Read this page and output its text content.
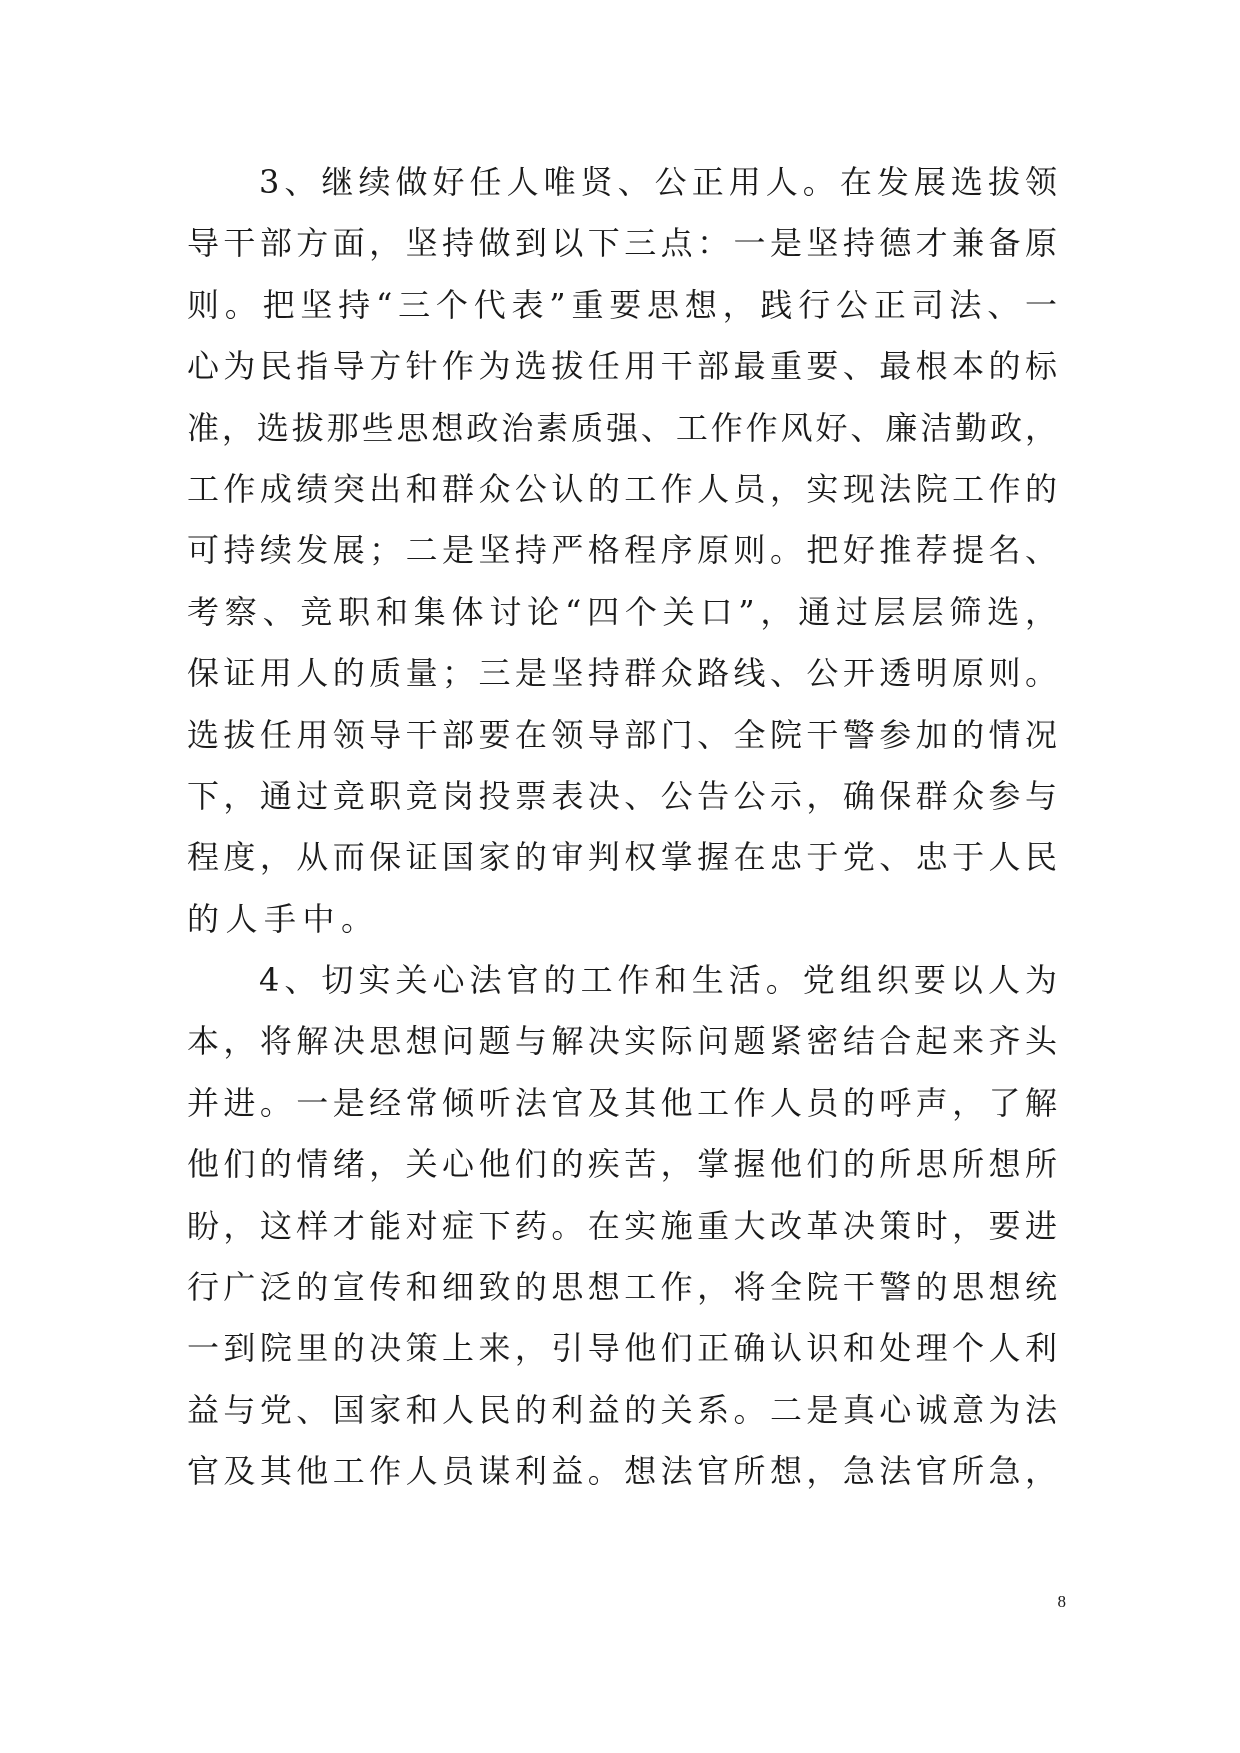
3、继续做好任人唯贤、公正用人。在发展选拔领
导干部方面，坚持做到以下三点：一是坚持德才兼备原
则。把坚持“三个代表”重要思想，践行公正司法、一
心为民指导方针作为选拔任用干部最重要、最根本的标
准，选拔那些思想政治素质强、工作作风好、廉洁勤政，
工作成绩突出和群众公认的工作人员，实现法院工作的
可持续发展；二是坚持严格程序原则。把好推荐提名、
考察、竞职和集体讨论“四个关口”，通过层层筛选，
保证用人的质量；三是坚持群众路线、公开透明原则。
选拔任用领导干部要在领导部门、全院干警参加的情况
下，通过竞职竞岗投票表决、公告公示，确保群众参与
程度，从而保证国家的审判权掌握在忠于党、忠于人民
的人手中。
4、切实关心法官的工作和生活。党组织要以人为
本，将解决思想问题与解决实际问题紧密结合起来齐头
并进。一是经常倾听法官及其他工作人员的呼声，了解
他们的情绪，关心他们的疾苦，掌握他们的所思所想所
盼，这样才能对症下药。在实施重大改革决策时，要进
行广泛的宣传和细致的思想工作，将全院干警的思想统
一到院里的决策上来，引导他们正确认识和处理个人利
益与党、国家和人民的利益的关系。二是真心诚意为法
官及其他工作人员谋利益。想法官所想，急法官所急，
8
